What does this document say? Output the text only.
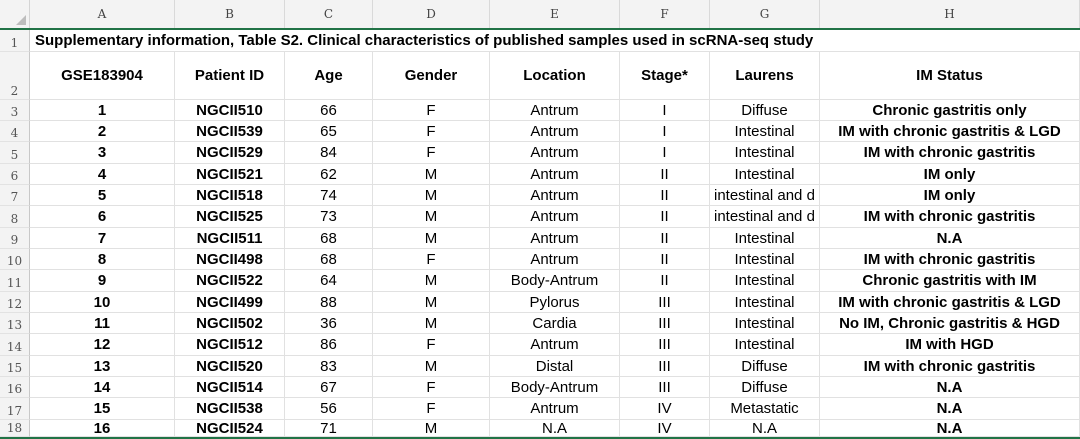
A	B	C	D	E	F	G	H
Supplementary information, Table S2. Clinical characteristics of published samples used in scRNA-seq study
1
2
3
4
5
6
7
8
9
10
11
12
13
14
15
16
17
18
GSE183904	Patient ID	Age	Gender	Location	Stage*	Laurens	IM Status
1	NGCII510	66	F	Antrum	I	Diffuse	Chronic gastritis only
2	NGCII539	65	F	Antrum	I	Intestinal	IM with chronic gastritis & LGD
3	NGCII529	84	F	Antrum	I	Intestinal	IM with chronic gastritis
4	NGCII521	62	M	Antrum	II	Intestinal	IM only
5	NGCII518	74	M	Antrum	II	intestinal and d	IM only
6	NGCII525	73	M	Antrum	II	intestinal and d	IM with chronic gastritis
7	NGCII511	68	M	Antrum	II	Intestinal	N.A
8	NGCII498	68	F	Antrum	II	Intestinal	IM with chronic gastritis
9	NGCII522	64	M	Body-Antrum	II	Intestinal	Chronic gastritis with IM
10	NGCII499	88	M	Pylorus	III	Intestinal	IM with chronic gastritis & LGD
11	NGCII502	36	M	Cardia	III	Intestinal	No IM, Chronic gastritis & HGD
12	NGCII512	86	F	Antrum	III	Intestinal	IM with HGD
13	NGCII520	83	M	Distal	III	Diffuse	IM with chronic gastritis
14	NGCII514	67	F	Body-Antrum	III	Diffuse	N.A
15	NGCII538	56	F	Antrum	IV	Metastatic	N.A
16	NGCII524	71	M	N.A	IV	N.A	N.A
